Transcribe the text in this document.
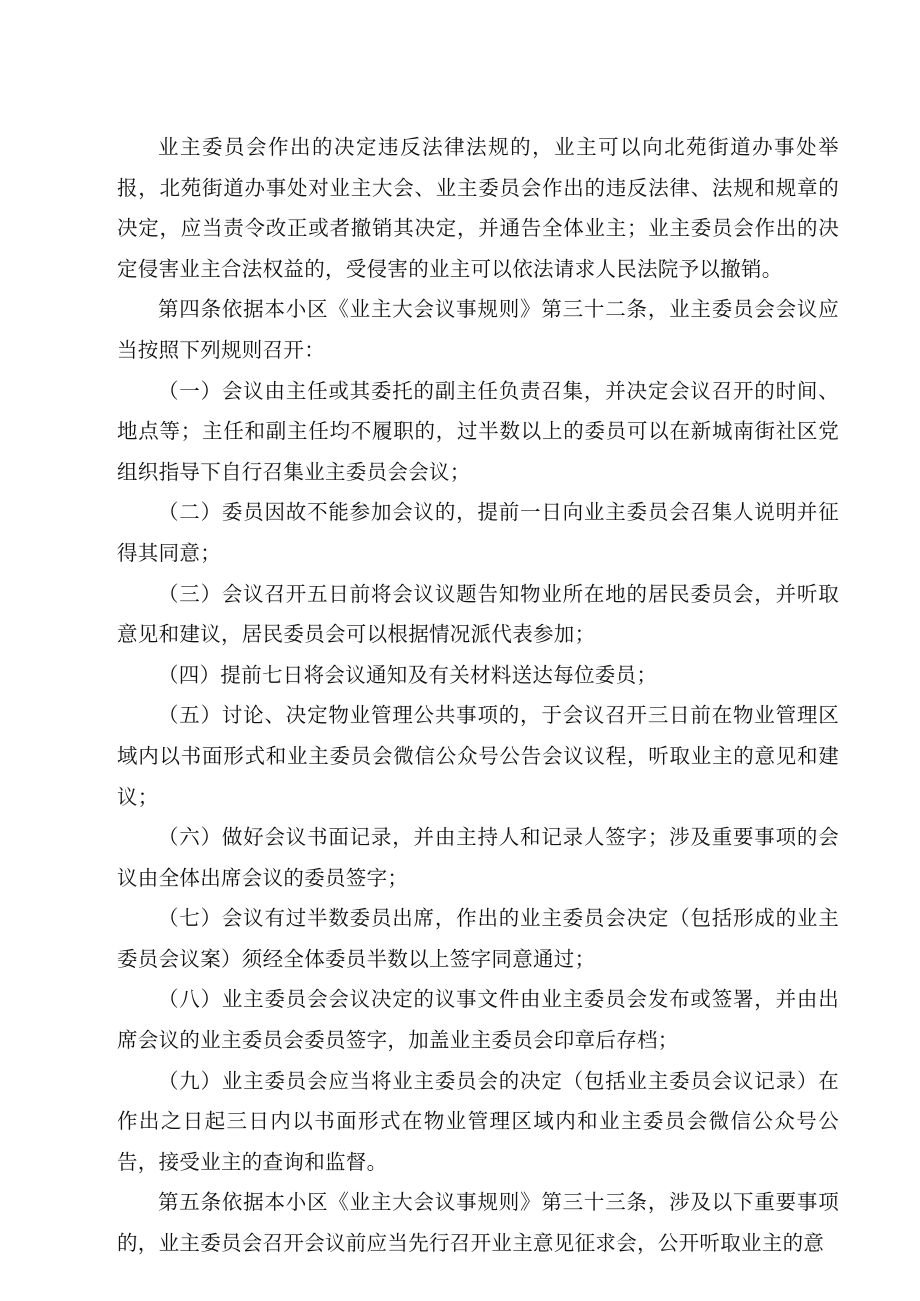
业主委员会作出的决定违反法律法规的，业主可以向北苑街道办事处举报，北苑街道办事处对业主大会、业主委员会作出的违反法律、法规和规章的决定，应当责令改正或者撤销其决定，并通告全体业主；业主委员会作出的决定侵害业主合法权益的，受侵害的业主可以依法请求人民法院予以撤销。

第四条依据本小区《业主大会议事规则》第三十二条，业主委员会会议应当按照下列规则召开：

（一）会议由主任或其委托的副主任负责召集，并决定会议召开的时间、地点等；主任和副主任均不履职的，过半数以上的委员可以在新城南街社区党组织指导下自行召集业主委员会会议；

（二）委员因故不能参加会议的，提前一日向业主委员会召集人说明并征得其同意；

（三）会议召开五日前将会议议题告知物业所在地的居民委员会，并听取意见和建议，居民委员会可以根据情况派代表参加；

（四）提前七日将会议通知及有关材料送达每位委员；

（五）讨论、决定物业管理公共事项的，于会议召开三日前在物业管理区域内以书面形式和业主委员会微信公众号公告会议议程，听取业主的意见和建议；

（六）做好会议书面记录，并由主持人和记录人签字；涉及重要事项的会议由全体出席会议的委员签字；

（七）会议有过半数委员出席，作出的业主委员会决定（包括形成的业主委员会议案）须经全体委员半数以上签字同意通过；

（八）业主委员会会议决定的议事文件由业主委员会发布或签署，并由出席会议的业主委员会委员签字，加盖业主委员会印章后存档；

（九）业主委员会应当将业主委员会的决定（包括业主委员会议记录）在作出之日起三日内以书面形式在物业管理区域内和业主委员会微信公众号公告，接受业主的查询和监督。

第五条依据本小区《业主大会议事规则》第三十三条，涉及以下重要事项的，业主委员会召开会议前应当先行召开业主意见征求会，公开听取业主的意
